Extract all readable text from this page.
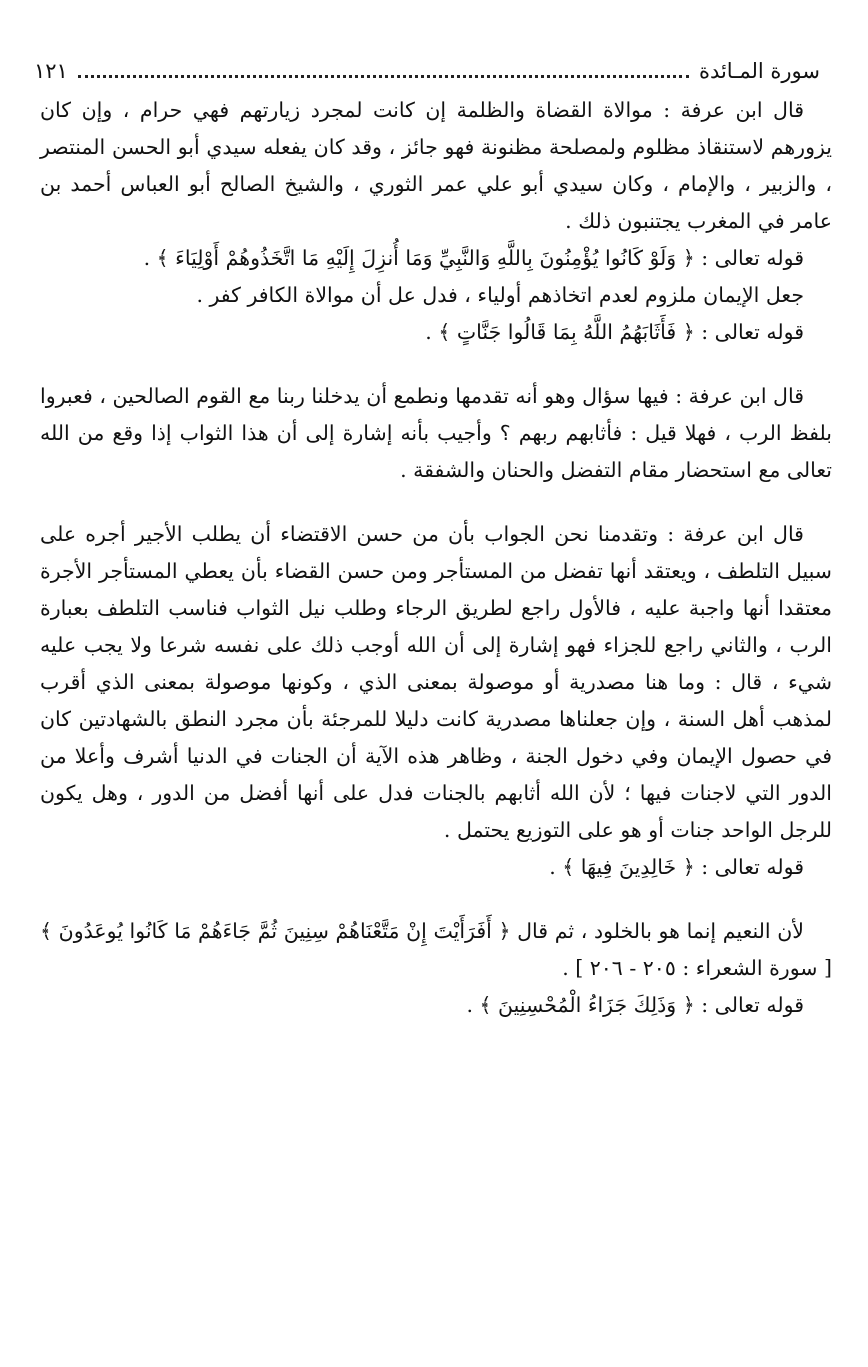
سورة المـائدة
١٢١

قال ابن عرفة : موالاة القضاة والظلمة إن كانت لمجرد زيارتهم فهي حرام ، وإن كان يزورهم لاستنقاذ مظلوم ولمصلحة مظنونة فهو جائز ، وقد كان يفعله سيدي أبو الحسن المنتصر ، والزبير ، والإمام ، وكان سيدي أبو علي عمر الثوري ، والشيخ الصالح أبو العباس أحمد بن عامر في المغرب يجتنبون ذلك .

قوله تعالى : ﴿ وَلَوْ كَانُوا يُؤْمِنُونَ بِاللَّهِ وَالنَّبِيِّ وَمَا أُنزِلَ إِلَيْهِ مَا اتَّخَذُوهُمْ أَوْلِيَاءَ ﴾ .

جعل الإيمان ملزوم لعدم اتخاذهم أولياء ، فدل عل أن موالاة الكافر كفر .

قوله تعالى : ﴿ فَأَثَابَهُمُ اللَّهُ بِمَا قَالُوا جَنَّاتٍ ﴾ .

قال ابن عرفة : فيها سؤال وهو أنه تقدمها ونطمع أن يدخلنا ربنا مع القوم الصالحين ، فعبروا بلفظ الرب ، فهلا قيل : فأثابهم ربهم ؟ وأجيب بأنه إشارة إلى أن هذا الثواب إذا وقع من الله تعالى مع استحضار مقام التفضل والحنان والشفقة .

قال ابن عرفة : وتقدمنا نحن الجواب بأن من حسن الاقتضاء أن يطلب الأجير أجره على سبيل التلطف ، ويعتقد أنها تفضل من المستأجر ومن حسن القضاء بأن يعطي المستأجر الأجرة معتقدا أنها واجبة عليه ، فالأول راجع لطريق الرجاء وطلب نيل الثواب فناسب التلطف بعبارة الرب ، والثاني راجع للجزاء فهو إشارة إلى أن الله أوجب ذلك على نفسه شرعا ولا يجب عليه شيء ، قال : وما هنا مصدرية أو موصولة بمعنى الذي ، وكونها موصولة بمعنى الذي أقرب لمذهب أهل السنة ، وإن جعلناها مصدرية كانت دليلا للمرجئة بأن مجرد النطق بالشهادتين كان في حصول الإيمان وفي دخول الجنة ، وظاهر هذه الآية أن الجنات في الدنيا أشرف وأعلا من الدور التي لاجنات فيها ؛ لأن الله أثابهم بالجنات فدل على أنها أفضل من الدور ، وهل يكون للرجل الواحد جنات أو هو على التوزيع يحتمل .

قوله تعالى : ﴿ خَالِدِينَ فِيهَا ﴾ .

لأن النعيم إنما هو بالخلود ، ثم قال ﴿ أَفَرَأَيْتَ إِنْ مَتَّعْنَاهُمْ سِنِينَ ثُمَّ جَاءَهُمْ مَا كَانُوا يُوعَدُونَ ﴾ [ سورة الشعراء : ٢٠٥ - ٢٠٦ ] .

قوله تعالى : ﴿ وَذَلِكَ جَزَاءُ الْمُحْسِنِينَ ﴾ .
